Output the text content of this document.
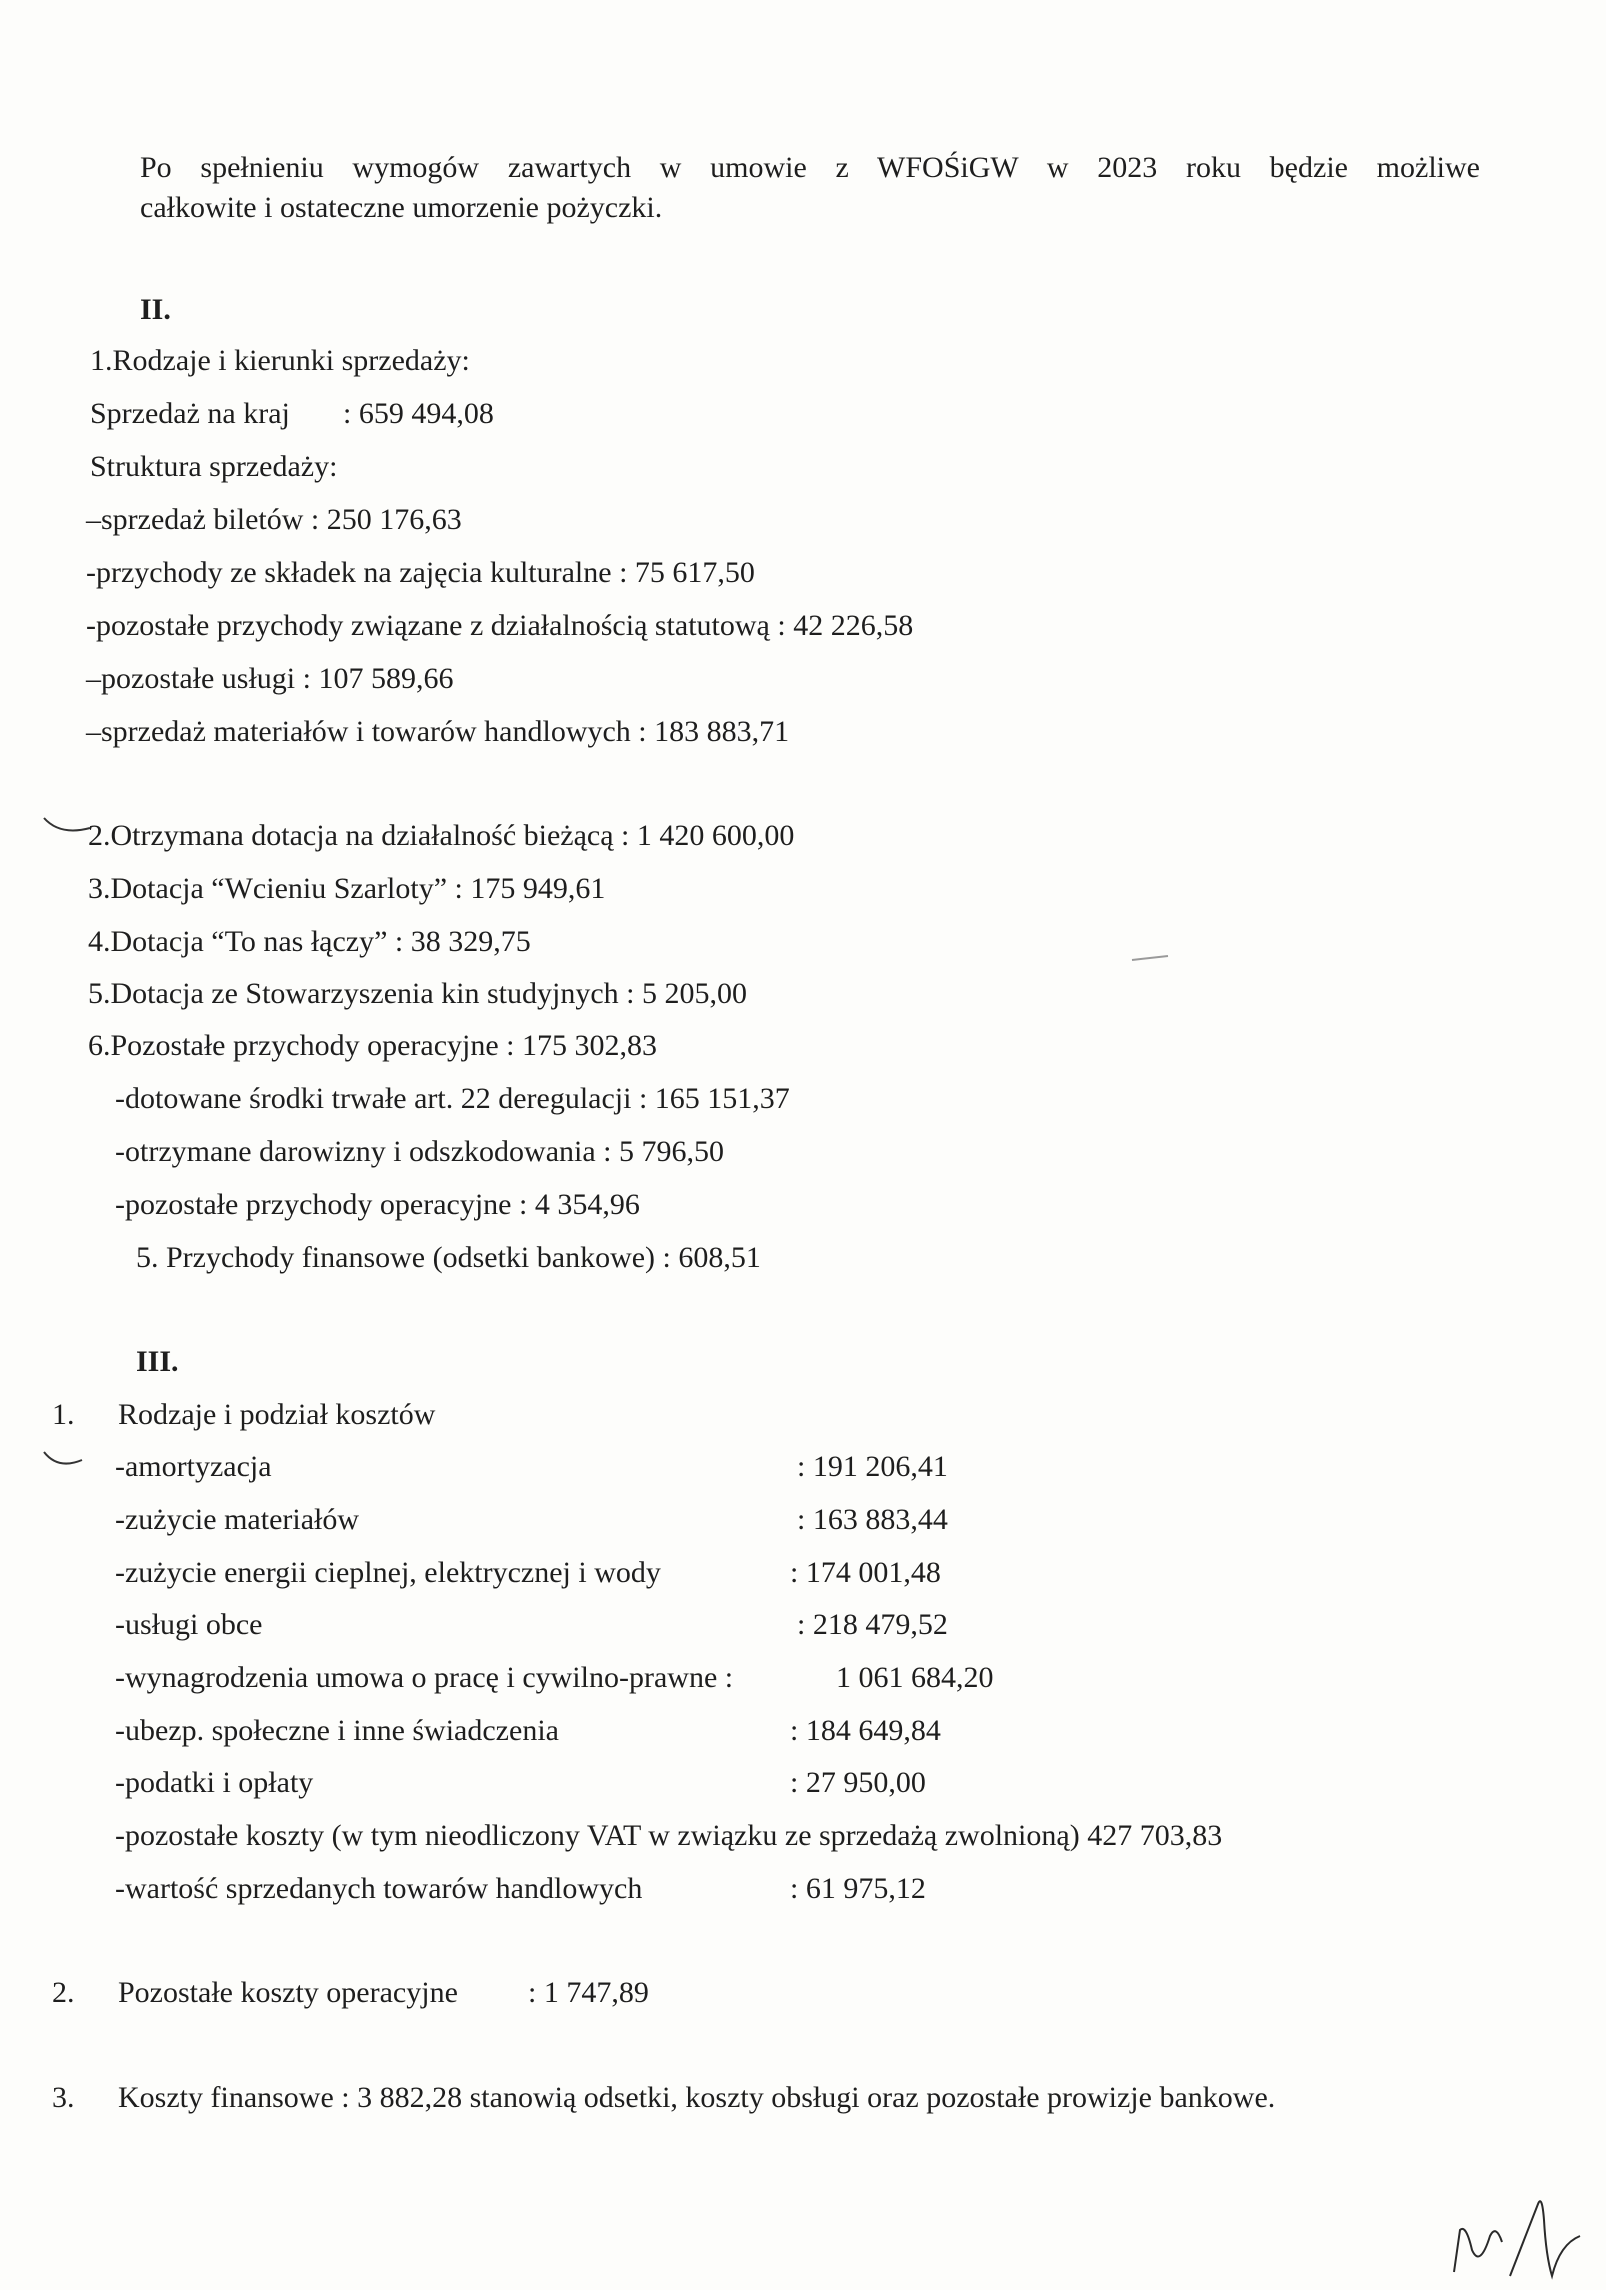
Po spełnieniu wymogów zawartych w umowie z WFOŚiGW w 2023 roku będzie możliwe
całkowite i ostateczne umorzenie pożyczki.
II.
1.Rodzaje i kierunki sprzedaży:
Sprzedaż na kraj : 659 494,08
Struktura sprzedaży:
–sprzedaż biletów : 250 176,63
-przychody ze składek na zajęcia kulturalne : 75 617,50
-pozostałe przychody związane z działalnością statutową : 42 226,58
–pozostałe usługi : 107 589,66
–sprzedaż materiałów i towarów handlowych : 183 883,71
2.Otrzymana dotacja na działalność bieżącą : 1 420 600,00
3.Dotacja “Wcieniu Szarloty” : 175 949,61
4.Dotacja “To nas łączy” : 38 329,75
5.Dotacja ze Stowarzyszenia kin studyjnych : 5 205,00
6.Pozostałe przychody operacyjne : 175 302,83
-dotowane środki trwałe art. 22 deregulacji : 165 151,37
-otrzymane darowizny i odszkodowania : 5 796,50
-pozostałe przychody operacyjne : 4 354,96
5. Przychody finansowe (odsetki bankowe) : 608,51
III.
1. Rodzaje i podział kosztów
-amortyzacja	: 191 206,41
-zużycie materiałów	: 163 883,44
-zużycie energii cieplnej, elektrycznej i wody	: 174 001,48
-usługi obce	: 218 479,52
-wynagrodzenia umowa o pracę i cywilno-prawne :	1 061 684,20
-ubezp. społeczne i inne świadczenia	: 184 649,84
-podatki i opłaty	: 27 950,00
-pozostałe koszty (w tym nieodliczony VAT w związku ze sprzedażą zwolnioną) 427 703,83
-wartość sprzedanych towarów handlowych	: 61 975,12
2. Pozostałe koszty operacyjne : 1 747,89
3. Koszty finansowe : 3 882,28 stanowią odsetki, koszty obsługi oraz pozostałe prowizje bankowe.
